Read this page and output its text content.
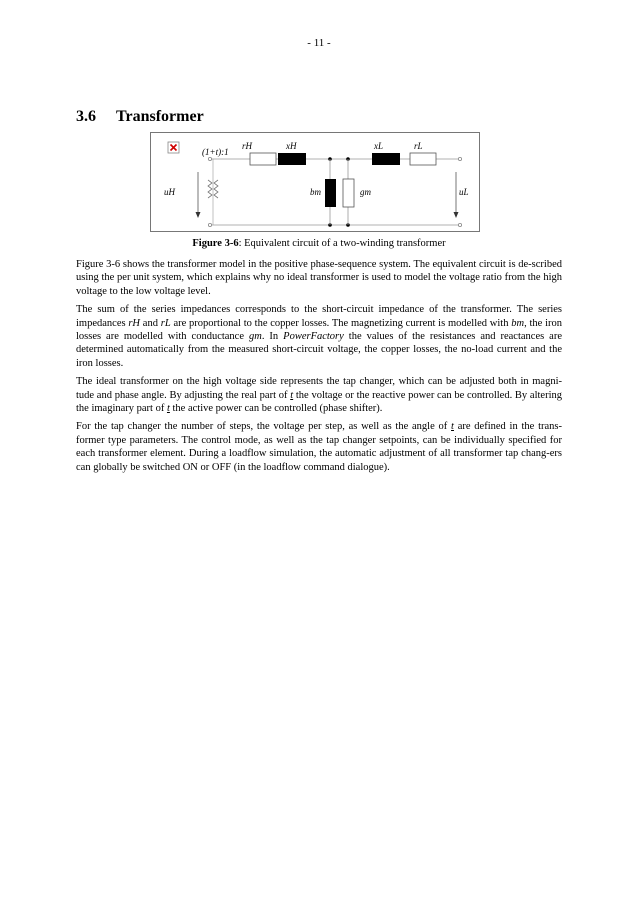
- 11 -
3.6 Transformer
(1+t):1
rH	xH	xL	rL
uH	uL
bm	gm
Figure 3-6: Equivalent circuit of a two-winding transformer

Figure 3-6 shows the transformer model in the positive phase-sequence system. The equivalent circuit is de-scribed using the per unit system, which explains why no ideal transformer is used to model the voltage ratio from the high voltage to the low voltage level.

The sum of the series impedances corresponds to the short-circuit impedance of the transformer. The series impedances rH and rL are proportional to the copper losses. The magnetizing current is modelled with bm, the iron losses are modelled with conductance gm. In PowerFactory the values of the resistances and reactances are determined automatically from the measured short-circuit voltage, the copper losses, the no-load current and the iron losses.

The ideal transformer on the high voltage side represents the tap changer, which can be adjusted both in magni-tude and phase angle. By adjusting the real part of t the voltage or the reactive power can be controlled. By altering the imaginary part of t the active power can be controlled (phase shifter).

For the tap changer the number of steps, the voltage per step, as well as the angle of t are defined in the trans-former type parameters. The control mode, as well as the tap changer setpoints, can be individually specified for each transformer element. During a loadflow simulation, the automatic adjustment of all transformer tap chang-ers can globally be switched ON or OFF (in the loadflow command dialogue).
